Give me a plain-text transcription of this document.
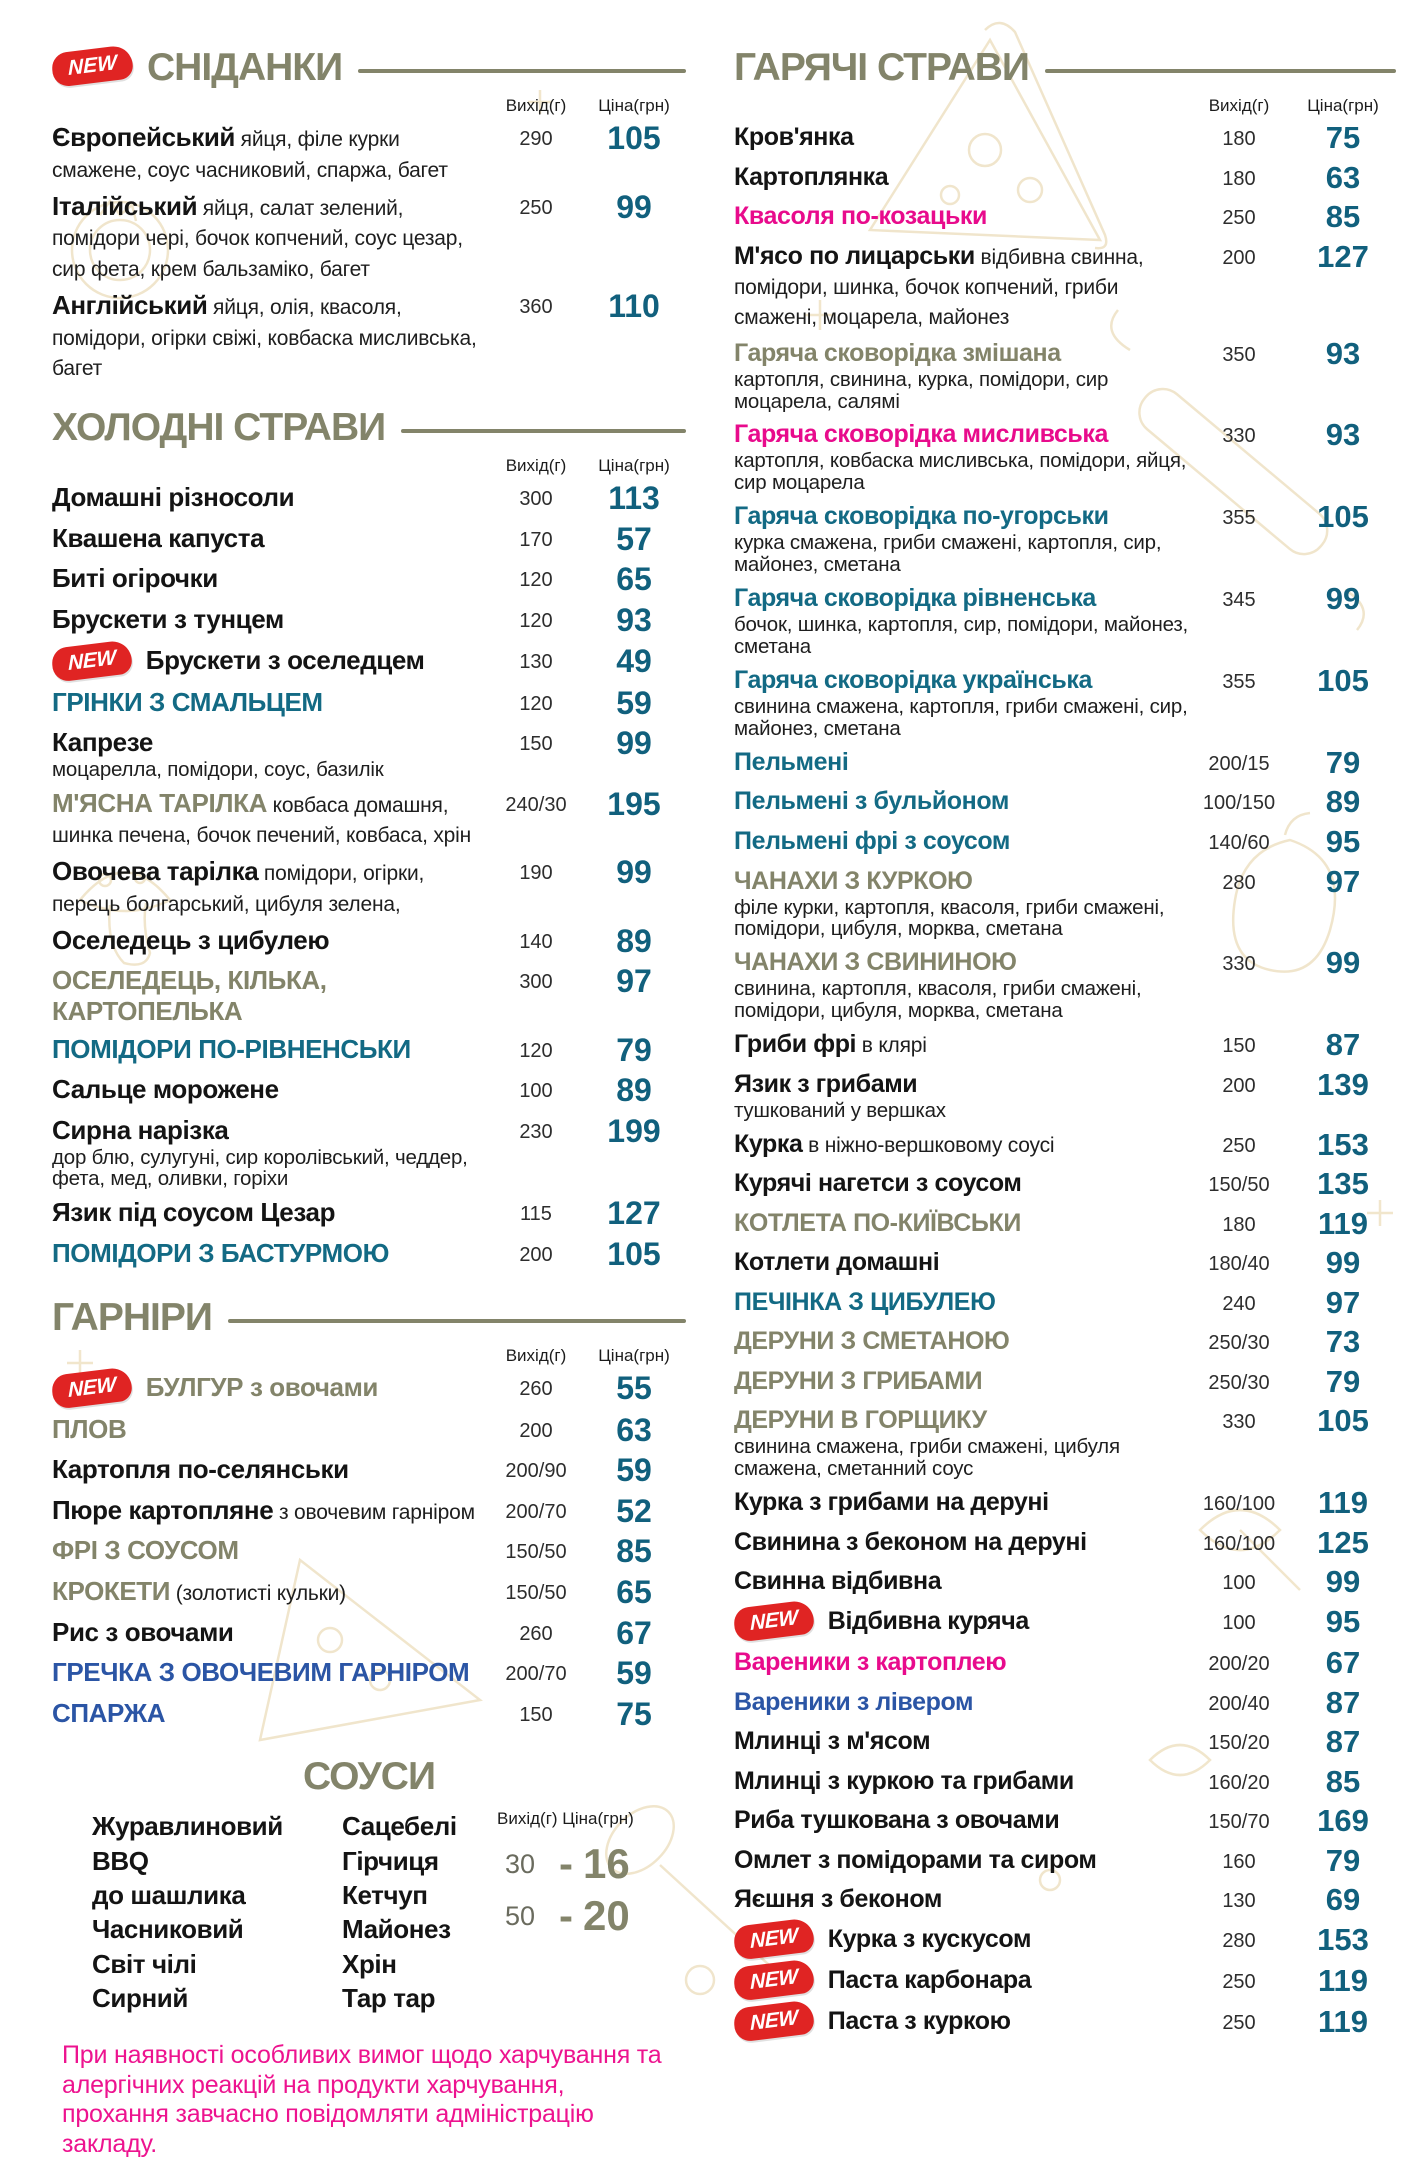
NEW СНІДАНКИ
Вихід(г)	Ціна(грн)
Європейський яйця, філе курки смажене, соус часниковий, спаржа, багет
290	105
Італійський яйця, салат зелений, помідори чері, бочок копчений, соус цезар, сир фета, крем бальзаміко, багет
250	99
Англійський яйця, олія, квасоля, помідори, огірки свіжі, ковбаска мисливська, багет
360	110
ХОЛОДНІ СТРАВИ
Вихід(г)	Ціна(грн)
Домашні різносоли	300	113
Квашена капуста	170	57
Биті огірочки	120	65
Брускети з тунцем	120	93
NEW Брускети з оселедцем	130	49
ГРІНКИ З СМАЛЬЦЕМ	120	59
Капрезе
моцарелла, помідори, соус, базилік
150	99
М'ЯСНА ТАРІЛКА ковбаса домашня, шинка печена, бочок печений, ковбаса, хрін
240/30	195
Овочева тарілка помідори, огірки, перець болгарський, цибуля зелена,
190	99
Оселедець з цибулею	140	89
ОСЕЛЕДЕЦЬ, КІЛЬКА, КАРТОПЕЛЬКА
300	97
ПОМІДОРИ ПО-РІВНЕНСЬКИ	120	79
Сальце морожене	100	89
Сирна нарізка
дор блю, сулугуні, сир королівський, чеддер, фета, мед, оливки, горіхи
230	199
Язик під соусом Цезар	115	127
ПОМІДОРИ З БАСТУРМОЮ	200	105
ГАРНІРИ
Вихід(г)	Ціна(грн)
NEW БУЛГУР з овочами	260	55
ПЛОВ	200	63
Картопля по-селянськи	200/90	59
Пюре картопляне з овочевим гарніром	200/70	52
ФРІ З СОУСОМ	150/50	85
КРОКЕТИ (золотисті кульки)	150/50	65
Рис з овочами	260	67
ГРЕЧКА З ОВОЧЕВИМ ГАРНІРОМ	200/70	59
СПАРЖА	150	75
СОУСИ
Журавлиновий
BBQ
до шашлика
Часниковий
Світ чілі
Сирний
Сацебелі
Гірчиця
Кетчуп
Майонез
Хрін
Тар тар
Вихід(г) Ціна(грн)
30 - 16
50 - 20

При наявності особливих вимог щодо харчування та алергічних реакцій на продукти харчування, прохання завчасно повідомляти адміністрацію закладу.

ГАРЯЧІ СТРАВИ
Вихід(г)	Ціна(грн)
Кров'янка	180	75
Картоплянка	180	63
Квасоля по-козацьки	250	85
М'ясо по лицарськи відбивна свинна, помідори, шинка, бочок копчений, гриби смажені, моцарела, майонез
200	127
Гаряча сковорідка змішана
картопля, свинина, курка, помідори, сир моцарела, салямі
350	93
Гаряча сковорідка мисливська
картопля, ковбаска мисливська, помідори, яйця, сир моцарела
330	93
Гаряча сковорідка по-угорськи
курка смажена, гриби смажені, картопля, сир, майонез, сметана
355	105
Гаряча сковорідка рівненська
бочок, шинка, картопля, сир, помідори, майонез, сметана
345	99
Гаряча сковорідка українська
свинина смажена, картопля, гриби смажені, сир, майонез, сметана
355	105
Пельмені	200/15	79
Пельмені з бульйоном	100/150	89
Пельмені фрі з соусом	140/60	95
ЧАНАХИ З КУРКОЮ
філе курки, картопля, квасоля, гриби смажені, помідори, цибуля, морква, сметана
280	97
ЧАНАХИ З СВИНИНОЮ
свинина, картопля, квасоля, гриби смажені, помідори, цибуля, морква, сметана
330	99
Гриби фрі в клярі	150	87
Язик з грибами
тушкований у вершках
200	139
Курка в ніжно-вершковому соусі	250	153
Курячі нагетси з соусом	150/50	135
КОТЛЕТА ПО-КИЇВСЬКИ	180	119
Котлети домашні	180/40	99
ПЕЧІНКА З ЦИБУЛЕЮ	240	97
ДЕРУНИ З СМЕТАНОЮ	250/30	73
ДЕРУНИ З ГРИБАМИ	250/30	79
ДЕРУНИ В ГОРЩИКУ
свинина смажена, гриби смажені, цибуля смажена, сметанний соус
330	105
Курка з грибами на деруні	160/100	119
Свинина з беконом на деруні	160/100	125
Свинна відбивна	100	99
NEW Відбивна куряча	100	95
Вареники з картоплею	200/20	67
Вареники з лівером	200/40	87
Млинці з м'ясом	150/20	87
Млинці з куркою та грибами	160/20	85
Риба тушкована з овочами	150/70	169
Омлет з помідорами та сиром	160	79
Яєшня з беконом	130	69
NEW Курка з кускусом	280	153
NEW Паста карбонара	250	119
NEW Паста з куркою	250	119
